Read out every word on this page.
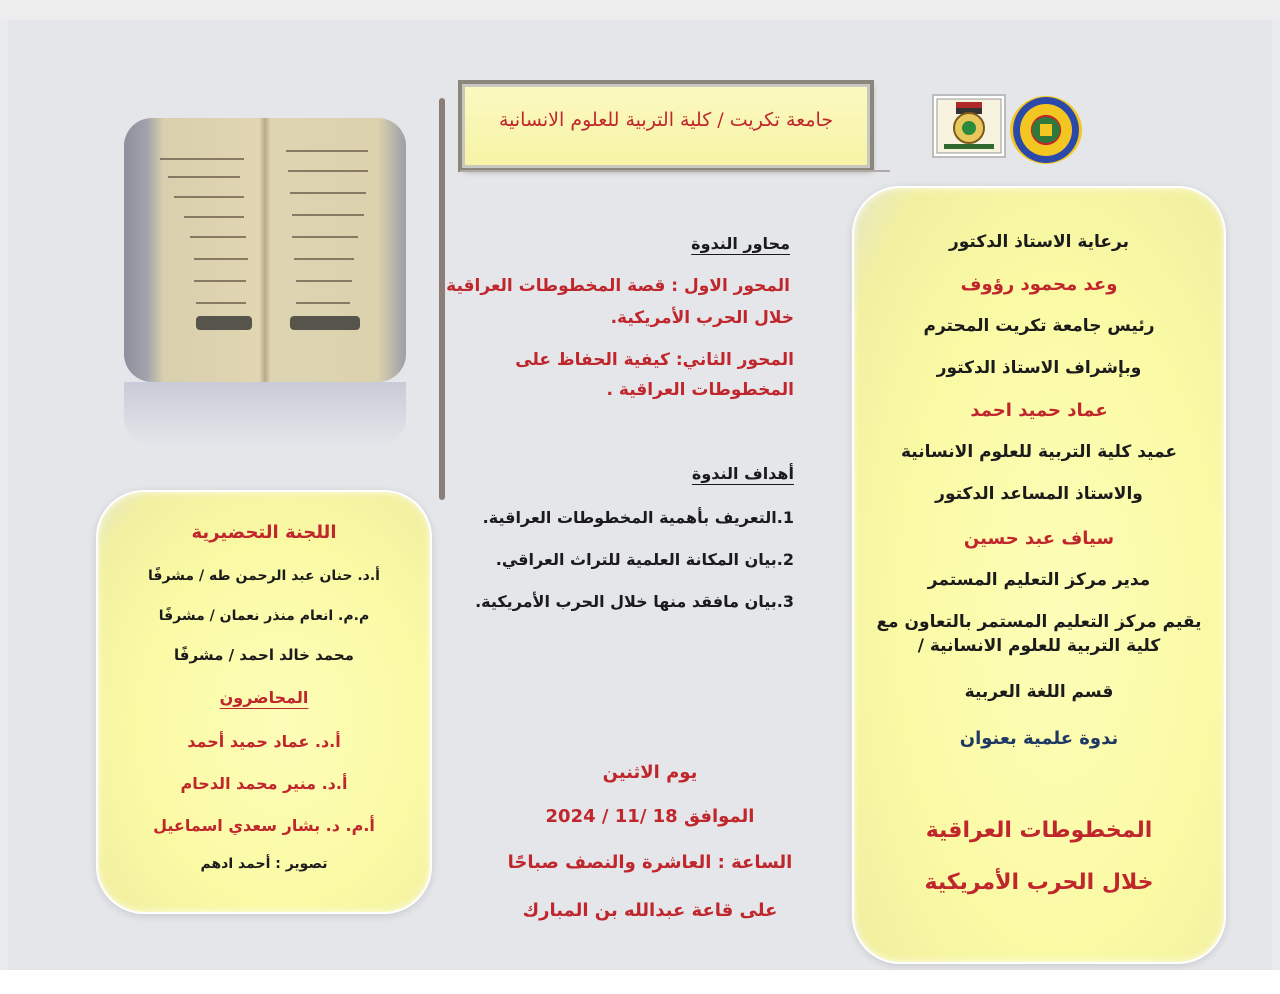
جامعة تكريت / كلية التربية للعلوم الانسانية
برعاية الاستاذ الدكتور
وعد محمود رؤوف
رئيس جامعة تكريت المحترم
وبإشراف الاستاذ الدكتور
عماد حميد احمد
عميد كلية التربية للعلوم الانسانية
والاستاذ المساعد الدكتور
سياف عبد حسين
مدير مركز التعليم المستمر
يقيم مركز التعليم المستمر بالتعاون مع
كلية التربية للعلوم الانسانية /
قسم اللغة العربية
ندوة علمية بعنوان
المخطوطات العراقية
خلال الحرب الأمريكية
محاور الندوة
المحور الاول : قصة المخطوطات العراقية
خلال الحرب الأمريكية.
المحور الثاني: كيفية الحفاظ على
المخطوطات العراقية .
أهداف الندوة
1.التعريف بأهمية المخطوطات العراقية.
2.بيان المكانة العلمية للتراث العراقي.
3.بيان مافقد منها خلال الحرب الأمريكية.
يوم الاثنين
الموافق 18 /11 / 2024
الساعة : العاشرة والنصف صباحًا
على قاعة عبدالله بن المبارك
اللجنة التحضيرية
أ.د. حنان عبد الرحمن طه / مشرفًا
م.م. انعام منذر نعمان / مشرفًا
محمد خالد احمد / مشرفًا
المحاضرون
أ.د. عماد حميد أحمد
أ.د. منير محمد الدحام
أ.م. د. بشار سعدي اسماعيل
تصوير : أحمد ادهم
